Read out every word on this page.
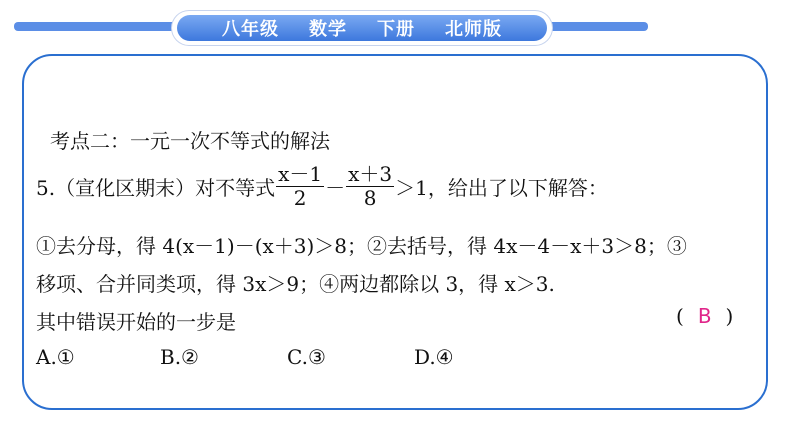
八年级 数学 下册 北师版
考点二：一元一次不等式的解法
5.（宣化区期末）对不等式 $\frac{x-1}{2} - \frac{x+3}{8} >1$，给出了以下解答：
①去分母，得 4(x－1)－(x＋3)＞8；②去括号，得 4x－4－x＋3＞8；③
移项、合并同类项，得 3x＞9；④两边都除以 3，得 x＞3.
其中错误开始的一步是	( B )
A.①	B.②	C.③	D.④
